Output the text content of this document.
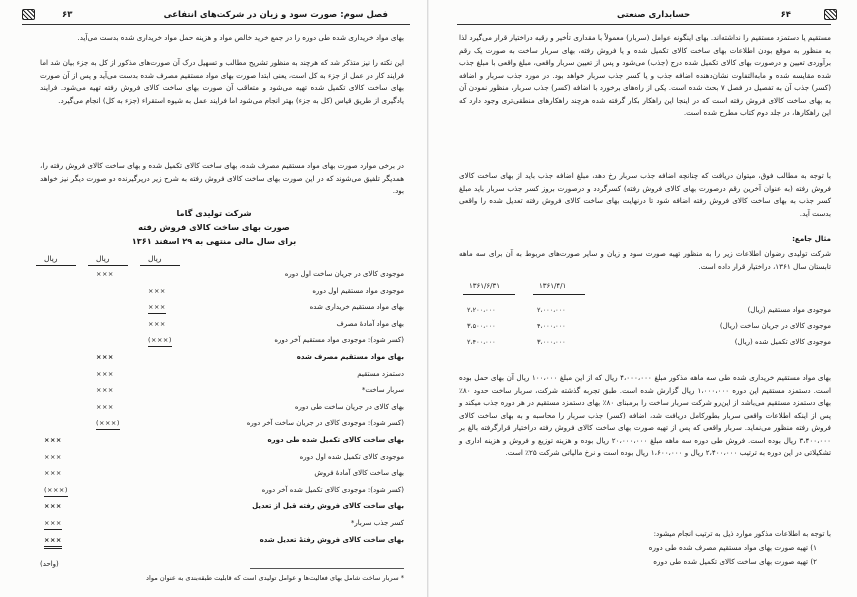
۶۳	فصل سوم: صورت سود و زیان در شرکت‌های انتفاعی
بهای مواد خریداری شده طی دوره را در جمع خرید خالص مواد و هزینه حمل مواد خریداری شده بدست می‌آید.
این نکته را نیز متذکر شد که هرچند به منظور تشریح مطالب و تسهیل درک آن صورت‌های مذکور از کل به جزء بیان شد اما فرایند کار در عمل از جزء به کل است، یعنی ابتدا صورت بهای مواد مستقیم مصرف شده بدست می‌آید و پس از آن صورت بهای ساخت کالای تکمیل شده تهیه می‌شود و متعاقب آن صورت بهای ساخت کالای فروش رفته تهیه می‌شود. فرایند یادگیری از طریق قیاس (کل به جزء) بهتر انجام می‌شود اما فرایند عمل به شیوه استقراء (جزء به کل) انجام می‌گیرد.
در برخی موارد صورت بهای مواد مستقیم مصرف شده، بهای ساخت کالای تکمیل شده و بهای ساخت کالای فروش رفته را، همدیگر تلفیق می‌شوند که در این صورت بهای ساخت کالای فروش رفته به شرح زیر درپرگیرنده دو صورت دیگر نیز خواهد بود.
شرکت تولیدی گاما
صورت بهای ساخت کالای فروش رفته
برای سال مالی منتهی به ۲۹ اسفند ۱۳۶۱
ریال
ریال
ریال
موجودی کالای در جریان ساخت اول دوره
×××
موجودی مواد مستقیم اول دوره
×××
بهای مواد مستقیم خریداری شده
×××
بهای مواد آمادهٔ مصرف
×××
(کسر شود): موجودی مواد مستقیم آخر دوره
(×××)
بهای مواد مستقیم مصرف شده
×××
دستمزد مستقیم
×××
سربار ساخت*
×××
بهای کالای در جریان ساخت طی دوره
×××
(کسر شود): موجودی کالای در جریان ساخت آخر دوره
(×××)
بهای ساخت کالای تکمیل شده طی دوره
×××
موجودی کالای تکمیل شده اول دوره
×××
بهای ساخت کالای آمادهٔ فروش
×××
(کسر شود): موجودی کالای تکمیل شده آخر دوره
(×××)
بهای ساخت کالای فروش رفته قبل از تعدیل
×××
کسر جذب سربار*
×××
بهای ساخت کالای فروش رفتهٔ تعدیل شده
×××
(واحد)
* سربار ساخت شامل بهای فعالیت‌ها و عوامل تولیدی است که قابلیت طبقه‌بندی به عنوان مواد
۶۴
حسابداری صنعتی
مستقیم یا دستمزد مستقیم را نداشته‌اند. بهای اینگونه عوامل (سربار) معمولاً با مقداری تأخیر و رقبه دراختیار قرار می‌گیرد لذا به منظور به موقع بودن اطلاعات بهای ساخت کالای تکمیل شده و یا فروش رفته، بهای سربار ساخت به صورت یک رقم برآوردی تعیین و درصورت بهای کالای تکمیل شده درج (جذب) می‌شود و پس از تعیین سربار واقعی، مبلغ واقعی با مبلغ جذب شده مقایسه شده و مابه‌التفاوت نشان‌دهنده اضافه جذب و یا کسر جذب سربار خواهد بود. در مورد جذب سربار و اضافه (کسر) جذب آن به تفصیل در فصل ۷ بحث شده است. یکی از راه‌های برخورد با اضافه (کسر) جذب سربار، منظور نمودن آن به بهای ساخت کالای فروش رفته است که در اینجا این راهکار بکار گرفته شده هرچند راهکارهای منطقی‌تری وجود دارد که این راهکارها، در جلد دوم کتاب مطرح شده است.
با توجه به مطالب فوق، میتوان دریافت که چنانچه اضافه جذب سربار رخ دهد، مبلغ اضافه جذب باید از بهای ساخت کالای فروش رفته (به عنوان آخرین رقم درصورت بهای کالای فروش رفته) کسرگردد و درصورت بروز کسر جذب سربار باید مبلغ کسر جذب به بهای ساخت کالای فروش رفته اضافه شود تا درنهایت بهای ساخت کالای فروش رفته تعدیل شده را واقعی بدست آید.
مثال جامع:
شرکت تولیدی رضوان اطلاعات زیر را به منظور تهیه صورت سود و زیان و سایر صورت‌های مربوط به آن برای سه ماهه تابستان سال ۱۳۶۱، دراختیار قرار داده است.
۱۳۶۱/۴/۱
۱۳۶۱/۶/۳۱
موجودی مواد مستقیم (ریال)
۲،۰۰۰،۰۰۰
۲،۲۰۰،۰۰۰
موجودی کالای در جریان ساخت (ریال)
۴،۰۰۰،۰۰۰
۳،۵۰۰،۰۰۰
موجودی کالای تکمیل شده (ریال)
۳،۰۰۰،۰۰۰
۲،۴۰۰،۰۰۰
بهای مواد مستقیم خریداری شده طی سه ماهه مذکور مبلغ ۴،۰۰۰،۰۰۰ ریال که از این مبلغ ۱۰۰،۰۰۰ ریال آن بهای حمل بوده است. دستمزد مستقیم این دوره ۱،۰۰۰،۰۰۰ ریال گزارش شده است. طبق تجربه گذشته شرکت، سربار ساخت حدود ۸۰٪ بهای دستمزد مستقیم می‌باشد از این‌رو شرکت سربار ساخت را برمبنای ۸۰٪ بهای دستمزد مستقیم در هر دوره جذب میکند و پس از اینکه اطلاعات واقعی سربار بطورکامل دریافت شد، اضافه (کسر) جذب سربار را محاسبه و به بهای ساخت کالای فروش رفته منظور می‌نماید. سربار واقعی که پس از تهیه صورت بهای ساخت کالای فروش رفته دراختیار قرارگرفته بالغ بر ۳،۴۰۰،۰۰۰ ریال بوده است. فروش طی دوره سه ماهه مبلغ ۲۰،۰۰۰،۰۰۰ ریال بوده و هزینه توزیع و فروش و هزینه اداری و تشکیلاتی در این دوره به ترتیب ۲،۴۰۰،۰۰۰ ریال و ۱،۶۰۰،۰۰۰ ریال بوده است و نرخ مالیاتی شرکت ۲۵٪ است.
با توجه به اطلاعات مذکور موارد ذیل به ترتیب انجام میشود:
۱) تهیه صورت بهای مواد مستقیم مصرف شده طی دوره
۲) تهیه صورت بهای ساخت کالای تکمیل شده طی دوره
